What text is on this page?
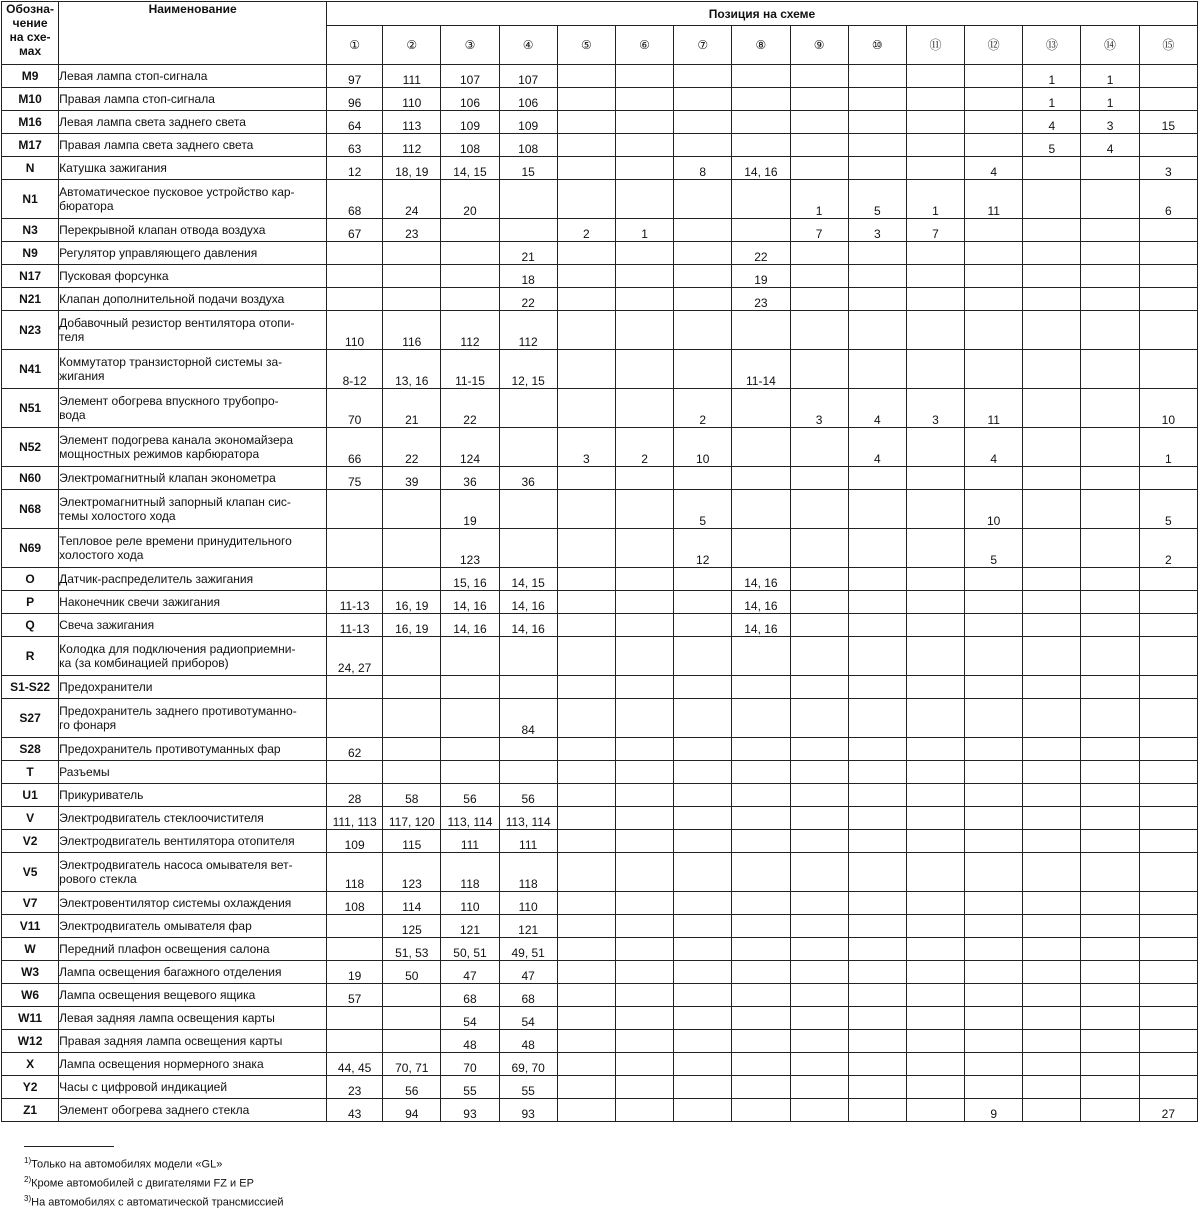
Обозна-
чение
на схе-
мах	Наименование	Позиция на схеме														
		①	②	③	④	⑤	⑥	⑦	⑧	⑨	⑩	⑪	⑫	⑬	⑭	⑮
M9	Левая лампа стоп-сигнала	97	111	107	107									1	1	
M10	Правая лампа стоп-сигнала	96	110	106	106									1	1	
M16	Левая лампа света заднего света	64	113	109	109									4	3	15
M17	Правая лампа света заднего света	63	112	108	108									5	4	
N	Катушка зажигания	12	18, 19	14, 15	15			8	14, 16				4			3
N1	Автоматическое пусковое устройство кар-
бюратора	68	24	20						1	5	1	11			6
N3	Перекрывной клапан отвода воздуха	67	23			2	1			7	3	7				
N9	Регулятор управляющего давления				21				22							
N17	Пусковая форсунка				18				19							
N21	Клапан дополнительной подачи воздуха				22				23							
N23	Добавочный резистор вентилятора отопи-
теля	110	116	112	112											
N41	Коммутатор транзисторной системы за-
жигания	8-12	13, 16	11-15	12, 15				11-14							
N51	Элемент обогрева впускного трубопро-
вода	70	21	22				2		3	4	3	11			10
N52	Элемент подогрева канала экономайзера
мощностных режимов карбюратора	66	22	124		3	2	10			4		4			1
N60	Электромагнитный клапан эконометра	75	39	36	36											
N68	Электромагнитный запорный клапан сис-
темы холостого хода			19				5					10			5
N69	Тепловое реле времени принудительного
холостого хода			123				12					5			2
O	Датчик-распределитель зажигания			15, 16	14, 15				14, 16							
P	Наконечник свечи зажигания	11-13	16, 19	14, 16	14, 16				14, 16							
Q	Свеча зажигания	11-13	16, 19	14, 16	14, 16				14, 16							
R	Колодка для подключения радиоприемни-
ка (за комбинацией приборов)	24, 27														
S1-S22	Предохранители															
S27	Предохранитель заднего противотуманно-
го фонаря				84											
S28	Предохранитель противотуманных фар	62														
T	Разъемы															
U1	Прикуриватель	28	58	56	56											
V	Электродвигатель стеклоочистителя	111, 113	117, 120	113, 114	113, 114											
V2	Электродвигатель вентилятора отопителя	109	115	111	111											
V5	Электродвигатель насоса омывателя вет-
рового стекла	118	123	118	118											
V7	Электровентилятор системы охлаждения	108	114	110	110											
V11	Электродвигатель омывателя фар		125	121	121											
W	Передний плафон освещения салона		51, 53	50, 51	49, 51											
W3	Лампа освещения багажного отделения	19	50	47	47											
W6	Лампа освещения вещевого ящика	57		68	68											
W11	Левая задняя лампа освещения карты			54	54											
W12	Правая задняя лампа освещения карты			48	48											
X	Лампа освещения нормерного знака	44, 45	70, 71	70	69, 70											
Y2	Часы с цифровой индикацией	23	56	55	55											
Z1	Элемент обогрева заднего стекла	43	94	93	93								9			27
$^{1)}$Только на автомобилях модели «GL»
$^{2)}$Кроме автомобилей с двигателями FZ и EP
$^{3)}$На автомобилях с автоматической трансмиссией
